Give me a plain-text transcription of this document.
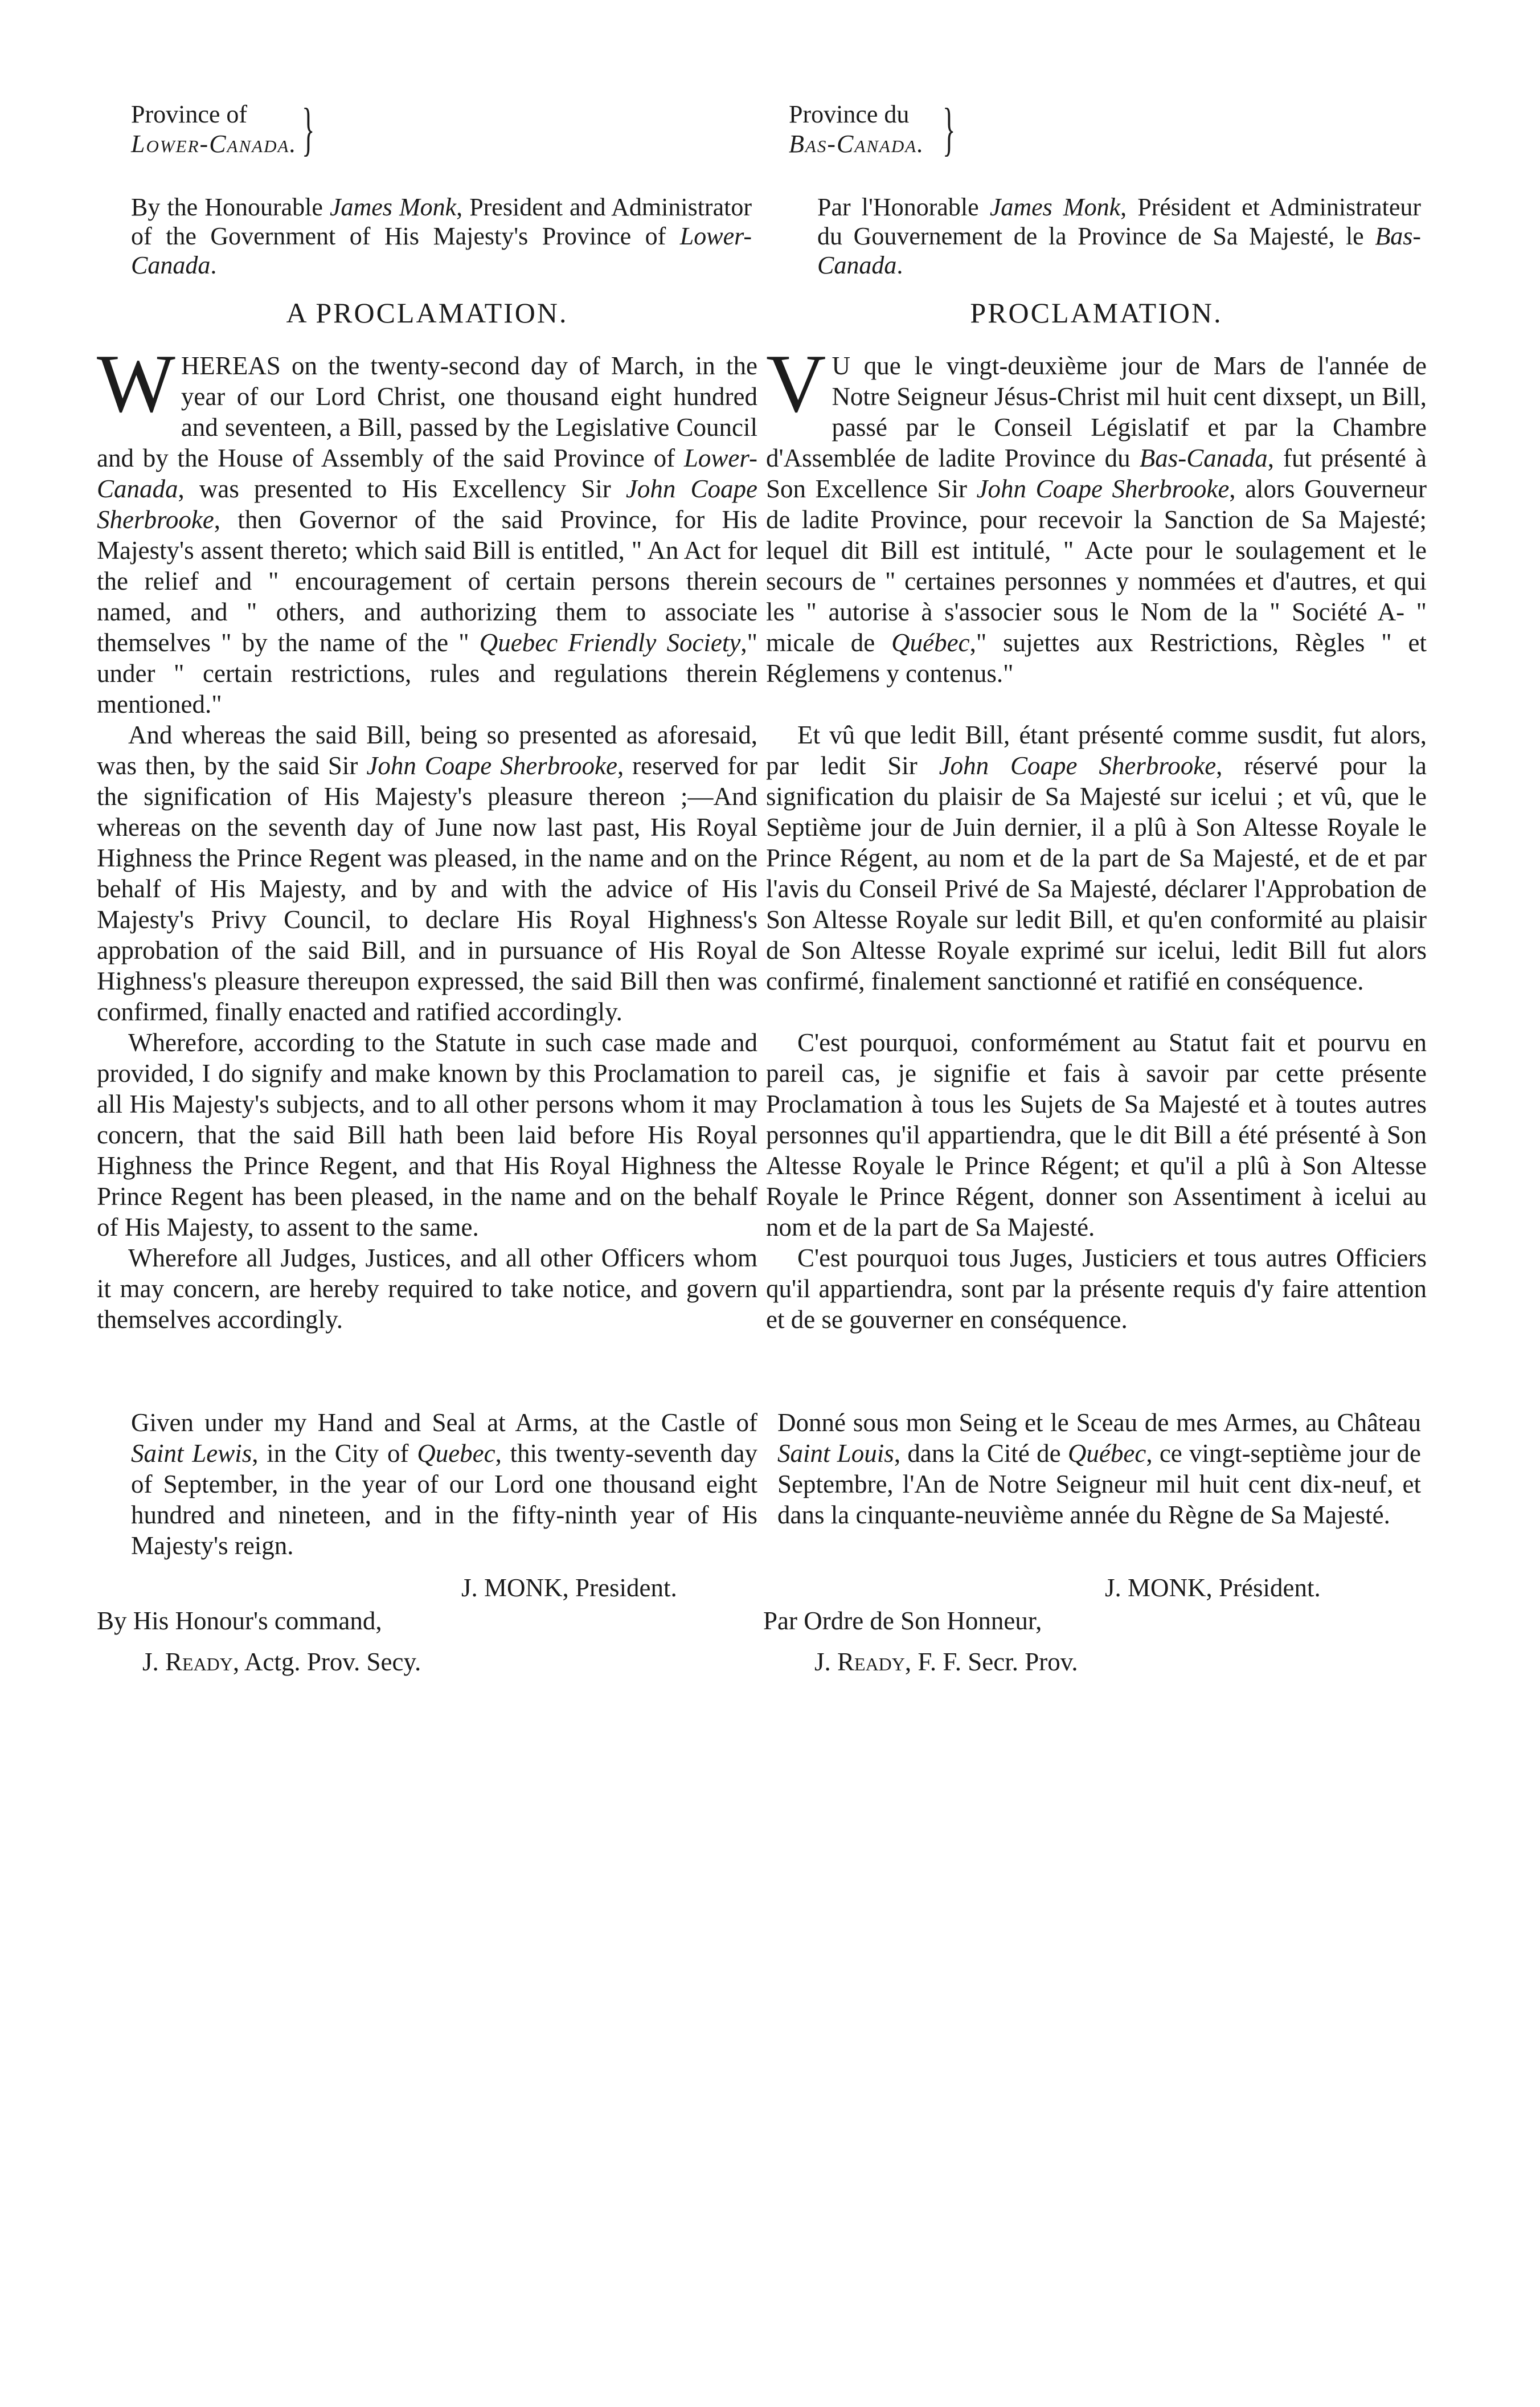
Province of
Lower-Canada. }
By the Honourable James Monk, President and Administrator of the Government of His Majesty's Province of Lower-Canada.
A PROCLAMATION.

WHEREAS on the twenty-second day of March, in the year of our Lord Christ, one thousand eight hundred and seventeen, a Bill, passed by the Legislative Council and by the House of Assembly of the said Province of Lower-Canada, was presented to His Excellency Sir John Coape Sherbrooke, then Governor of the said Province, for His Majesty's assent thereto; which said Bill is entitled, " An Act for the relief and " encouragement of certain persons therein named, and " others, and authorizing them to associate themselves " by the name of the " Quebec Friendly Society," under " certain restrictions, rules and regulations therein mentioned."

And whereas the said Bill, being so presented as aforesaid, was then, by the said Sir John Coape Sherbrooke, reserved for the signification of His Majesty's pleasure thereon ;—And whereas on the seventh day of June now last past, His Royal Highness the Prince Regent was pleased, in the name and on the behalf of His Majesty, and by and with the advice of His Majesty's Privy Council, to declare His Royal Highness's approbation of the said Bill, and in pursuance of His Royal Highness's pleasure thereupon expressed, the said Bill then was confirmed, finally enacted and ratified accordingly.

Wherefore, according to the Statute in such case made and provided, I do signify and make known by this Proclamation to all His Majesty's subjects, and to all other persons whom it may concern, that the said Bill hath been laid before His Royal Highness the Prince Regent, and that His Royal Highness the Prince Regent has been pleased, in the name and on the behalf of His Majesty, to assent to the same.

Wherefore all Judges, Justices, and all other Officers whom it may concern, are hereby required to take notice, and govern themselves accordingly.

Given under my Hand and Seal at Arms, at the Castle of Saint Lewis, in the City of Quebec, this twenty-seventh day of September, in the year of our Lord one thousand eight hundred and nineteen, and in the fifty-ninth year of His Majesty's reign.
J. MONK, President.
By His Honour's command,
J. Ready, Actg. Prov. Secy.
Province du
Bas-Canada. }
Par l'Honorable James Monk, Président et Administrateur du Gouvernement de la Province de Sa Majesté, le Bas-Canada.
PROCLAMATION.

V U que le vingt-deuxième jour de Mars de l'année de Notre Seigneur Jésus-Christ mil huit cent dixsept, un Bill, passé par le Conseil Législatif et par la Chambre d'Assemblée de ladite Province du Bas-Canada, fut présenté à Son Excellence Sir John Coape Sherbrooke, alors Gouverneur de ladite Province, pour recevoir la Sanction de Sa Majesté; lequel dit Bill est intitulé, " Acte pour le soulagement et le secours de " certaines personnes y nommées et d'autres, et qui les " autorise à s'associer sous le Nom de la " Société A- " micale de Québec," sujettes aux Restrictions, Règles " et Réglemens y contenus."

Et vû que ledit Bill, étant présenté comme susdit, fut alors, par ledit Sir John Coape Sherbrooke, réservé pour la signification du plaisir de Sa Majesté sur icelui ; et vû, que le Septième jour de Juin dernier, il a plû à Son Altesse Royale le Prince Régent, au nom et de la part de Sa Majesté, et de et par l'avis du Conseil Privé de Sa Majesté, déclarer l'Approbation de Son Altesse Royale sur ledit Bill, et qu'en conformité au plaisir de Son Altesse Royale exprimé sur icelui, ledit Bill fut alors confirmé, finalement sanctionné et ratifié en conséquence.

C'est pourquoi, conformément au Statut fait et pourvu en pareil cas, je signifie et fais à savoir par cette présente Proclamation à tous les Sujets de Sa Majesté et à toutes autres personnes qu'il appartiendra, que le dit Bill a été présenté à Son Altesse Royale le Prince Régent; et qu'il a plû à Son Altesse Royale le Prince Régent, donner son Assentiment à icelui au nom et de la part de Sa Majesté.

C'est pourquoi tous Juges, Justiciers et tous autres Officiers qu'il appartiendra, sont par la présente requis d'y faire attention et de se gouverner en conséquence.

Donné sous mon Seing et le Sceau de mes Armes, au Château Saint Louis, dans la Cité de Québec, ce vingt-septième jour de Septembre, l'An de Notre Seigneur mil huit cent dix-neuf, et dans la cinquante-neuvième année du Règne de Sa Majesté.
J. MONK, Président.
Par Ordre de Son Honneur,
J. Ready, F. F. Secr. Prov.
